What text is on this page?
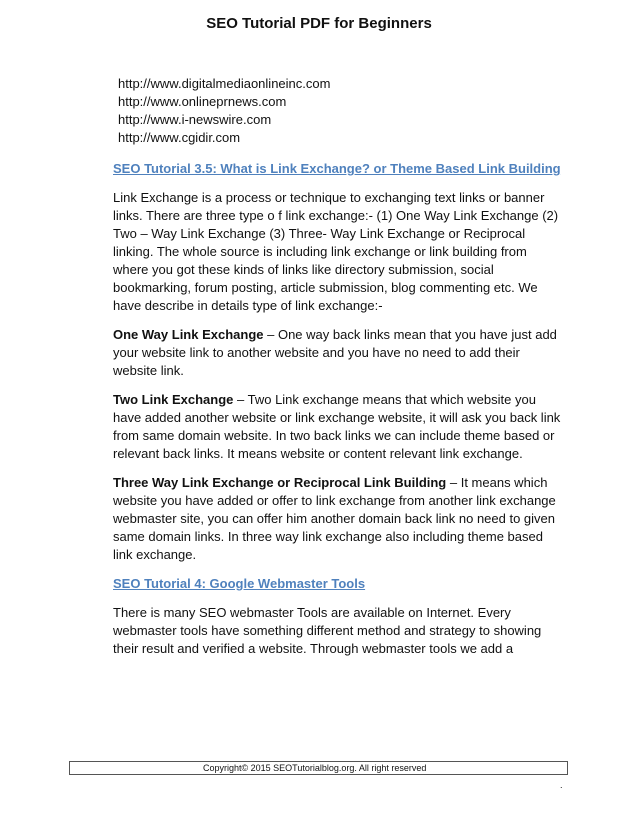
SEO Tutorial PDF for Beginners
http://www.digitalmediaonlineinc.com
http://www.onlineprnews.com
http://www.i-newswire.com
http://www.cgidir.com
SEO Tutorial 3.5: What is Link Exchange? or Theme Based Link Building

Link Exchange is a process or technique to exchanging text links or banner links. There are three type o f link exchange:- (1) One Way Link Exchange (2) Two – Way Link Exchange (3) Three- Way Link Exchange or Reciprocal linking. The whole source is including link exchange or link building from where you got these kinds of links like directory submission, social bookmarking, forum posting, article submission, blog commenting etc. We have describe in details type of link exchange:-

One Way Link Exchange – One way back links mean that you have just add your website link to another website and you have no need to add their website link.

Two Link Exchange – Two Link exchange means that which website you have added another website or link exchange website, it will ask you back link from same domain website. In two back links we can include theme based or relevant back links. It means website or content relevant link exchange.

Three Way Link Exchange or Reciprocal Link Building – It means which website you have added or offer to link exchange from another link exchange webmaster site, you can offer him another domain back link no need to given same domain links. In three way link exchange also including theme based link exchange.

SEO Tutorial 4: Google Webmaster Tools

There is many SEO webmaster Tools are available on Internet. Every webmaster tools have something different method and strategy to showing their result and verified a website. Through webmaster tools we add a

Copyright© 2015 SEOTutorialblog.org. All right reserved
.
